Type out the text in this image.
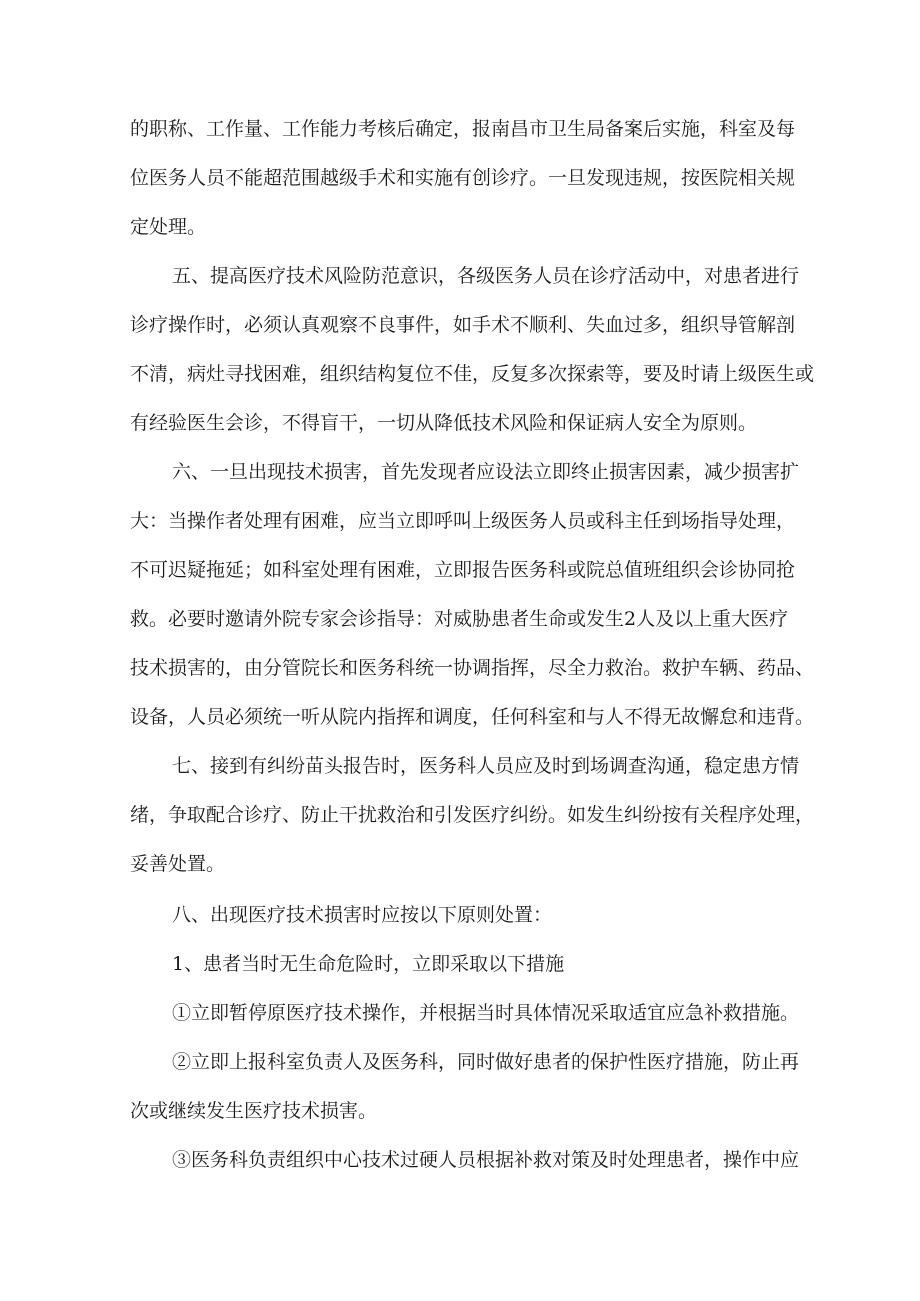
的职称、工作量、工作能力考核后确定，报南昌市卫生局备案后实施，科室及每

位医务人员不能超范围越级手术和实施有创诊疗。一旦发现违规，按医院相关规

定处理。

五、提高医疗技术风险防范意识，各级医务人员在诊疗活动中，对患者进行

诊疗操作时，必须认真观察不良事件，如手术不顺利、失血过多，组织导管解剖

不清，病灶寻找困难，组织结构复位不佳，反复多次探索等，要及时请上级医生或

有经验医生会诊，不得盲干，一切从降低技术风险和保证病人安全为原则。

六、一旦出现技术损害，首先发现者应设法立即终止损害因素，减少损害扩

大：当操作者处理有困难，应当立即呼叫上级医务人员或科主任到场指导处理，

不可迟疑拖延；如科室处理有困难，立即报告医务科或院总值班组织会诊协同抢

救。必要时邀请外院专家会诊指导：对威胁患者生命或发生2人及以上重大医疗

技术损害的，由分管院长和医务科统一协调指挥，尽全力救治。救护车辆、药品、

设备，人员必须统一听从院内指挥和调度，任何科室和与人不得无故懈怠和违背。

七、接到有纠纷苗头报告时，医务科人员应及时到场调查沟通，稳定患方情

绪，争取配合诊疗、防止干扰救治和引发医疗纠纷。如发生纠纷按有关程序处理，

妥善处置。

八、出现医疗技术损害时应按以下原则处置：

1、患者当时无生命危险时，立即采取以下措施

①立即暂停原医疗技术操作，并根据当时具体情况采取适宜应急补救措施。

②立即上报科室负责人及医务科，同时做好患者的保护性医疗措施，防止再

次或继续发生医疗技术损害。

③医务科负责组织中心技术过硬人员根据补救对策及时处理患者，操作中应
